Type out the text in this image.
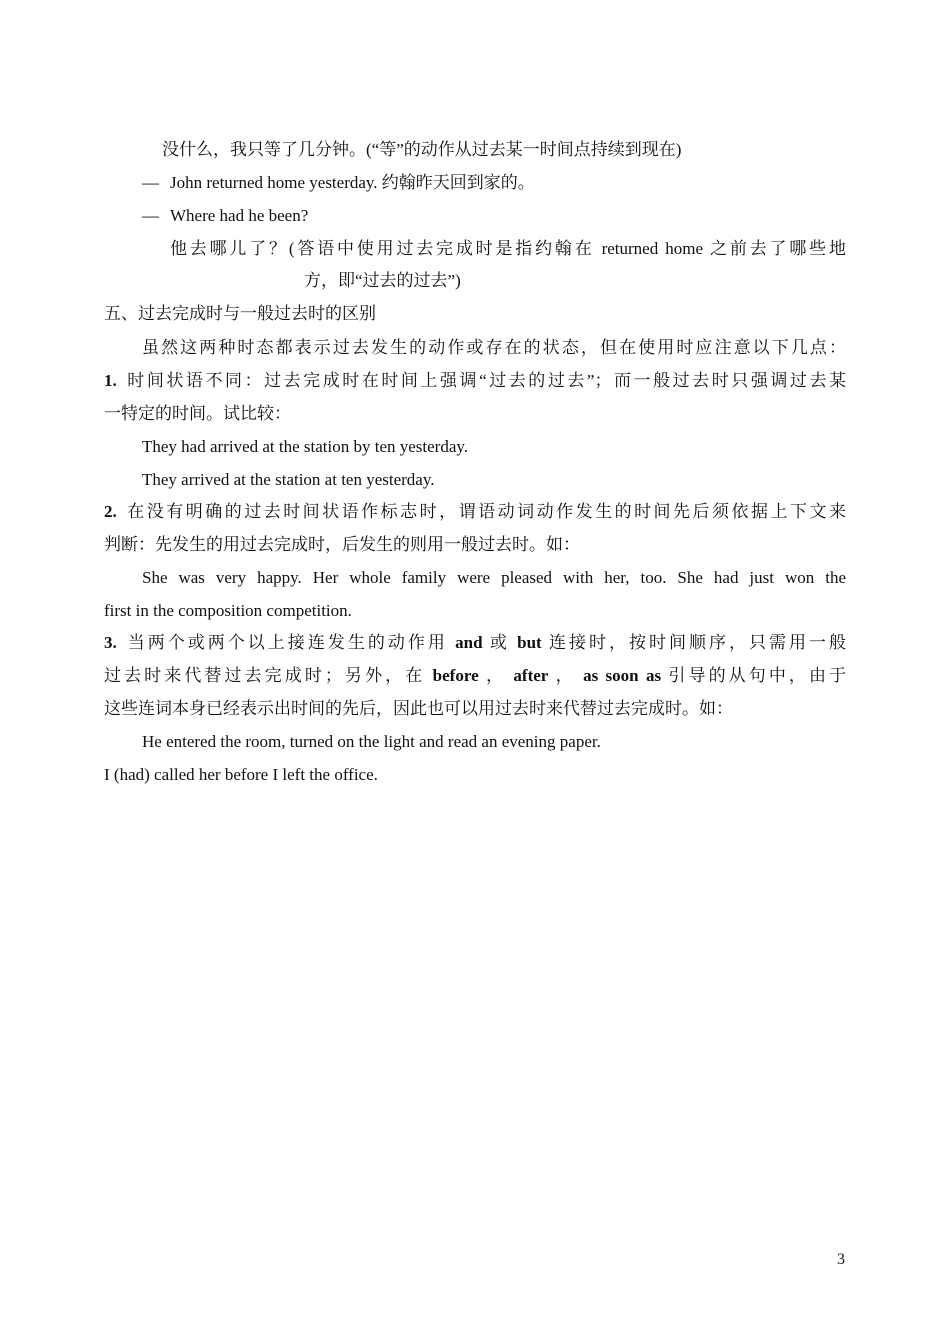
没什么，我只等了几分钟。(“等”的动作从过去某一时间点持续到现在)
— John returned home yesterday. 约翰昨天回到家的。
— Where had he been?
他去哪儿了？(答语中使用过去完成时是指约翰在 returned home 之前去了哪些地
方，即“过去的过去”)
五、过去完成时与一般过去时的区别
虽然这两种时态都表示过去发生的动作或存在的状态，但在使用时应注意以下几点：
1. 时间状语不同：过去完成时在时间上强调“过去的过去”；而一般过去时只强调过去某
一特定的时间。试比较：
They had arrived at the station by ten yesterday.
They arrived at the station at ten yesterday.
2. 在没有明确的过去时间状语作标志时，谓语动词动作发生的时间先后须依据上下文来
判断：先发生的用过去完成时，后发生的则用一般过去时。如：
She was very happy. Her whole family were pleased with her, too. She had just won the
first in the composition competition.
3. 当两个或两个以上接连发生的动作用 and 或 but 连接时，按时间顺序，只需用一般
过去时来代替过去完成时；另外，在 before ， after ， as soon as 引导的从句中，由于
这些连词本身已经表示出时间的先后，因此也可以用过去时来代替过去完成时。如：
He entered the room, turned on the light and read an evening paper.
I (had) called her before I left the office.
3
